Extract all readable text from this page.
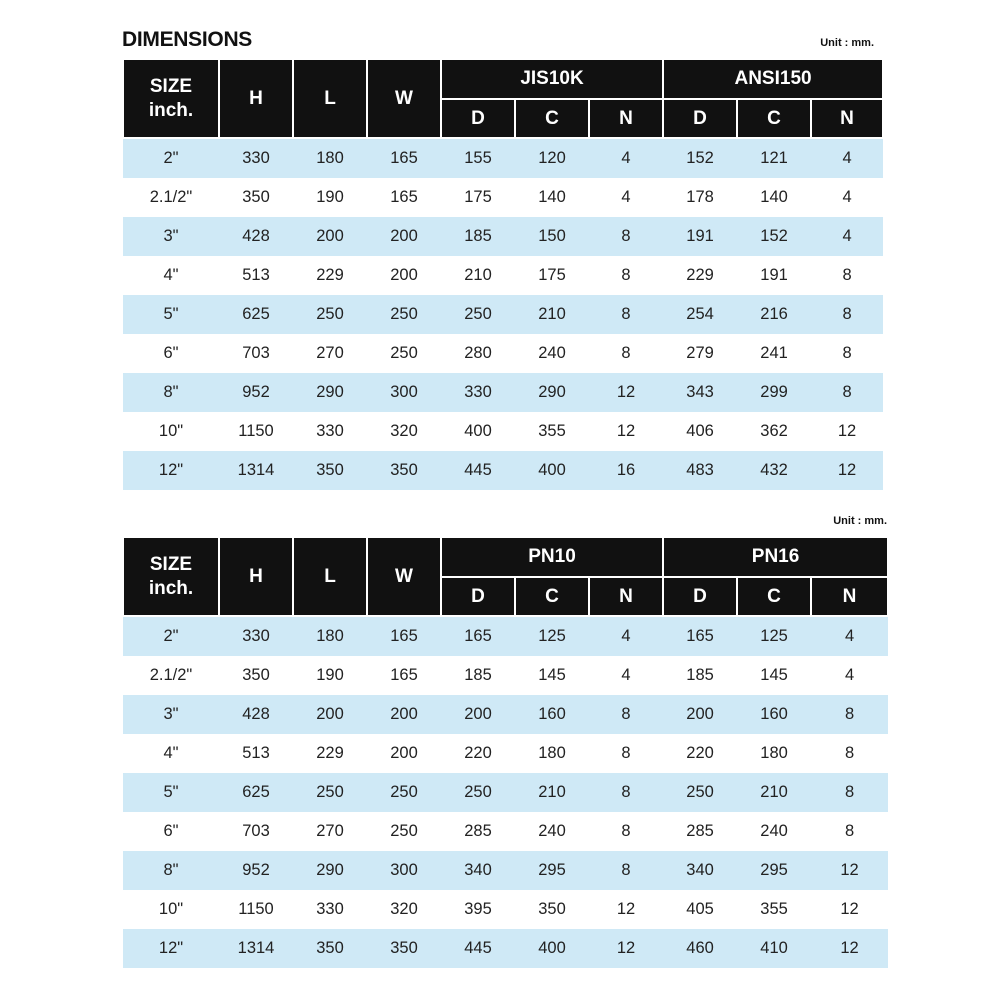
DIMENSIONS	Unit : mm.
Unit : mm.
SIZE
inch.	H	L	W	JIS10K			ANSI150		
				D	C	N	D	C	N
2"	330	180	165	155	120	4	152	121	4
2.1/2"	350	190	165	175	140	4	178	140	4
3"	428	200	200	185	150	8	191	152	4
4"	513	229	200	210	175	8	229	191	8
5"	625	250	250	250	210	8	254	216	8
6"	703	270	250	280	240	8	279	241	8
8"	952	290	300	330	290	12	343	299	8
10"	1150	330	320	400	355	12	406	362	12
12"	1314	350	350	445	400	16	483	432	12
SIZE
inch.	H	L	W	PN10			PN16		
				D	C	N	D	C	N
2"	330	180	165	165	125	4	165	125	4
2.1/2"	350	190	165	185	145	4	185	145	4
3"	428	200	200	200	160	8	200	160	8
4"	513	229	200	220	180	8	220	180	8
5"	625	250	250	250	210	8	250	210	8
6"	703	270	250	285	240	8	285	240	8
8"	952	290	300	340	295	8	340	295	12
10"	1150	330	320	395	350	12	405	355	12
12"	1314	350	350	445	400	12	460	410	12
